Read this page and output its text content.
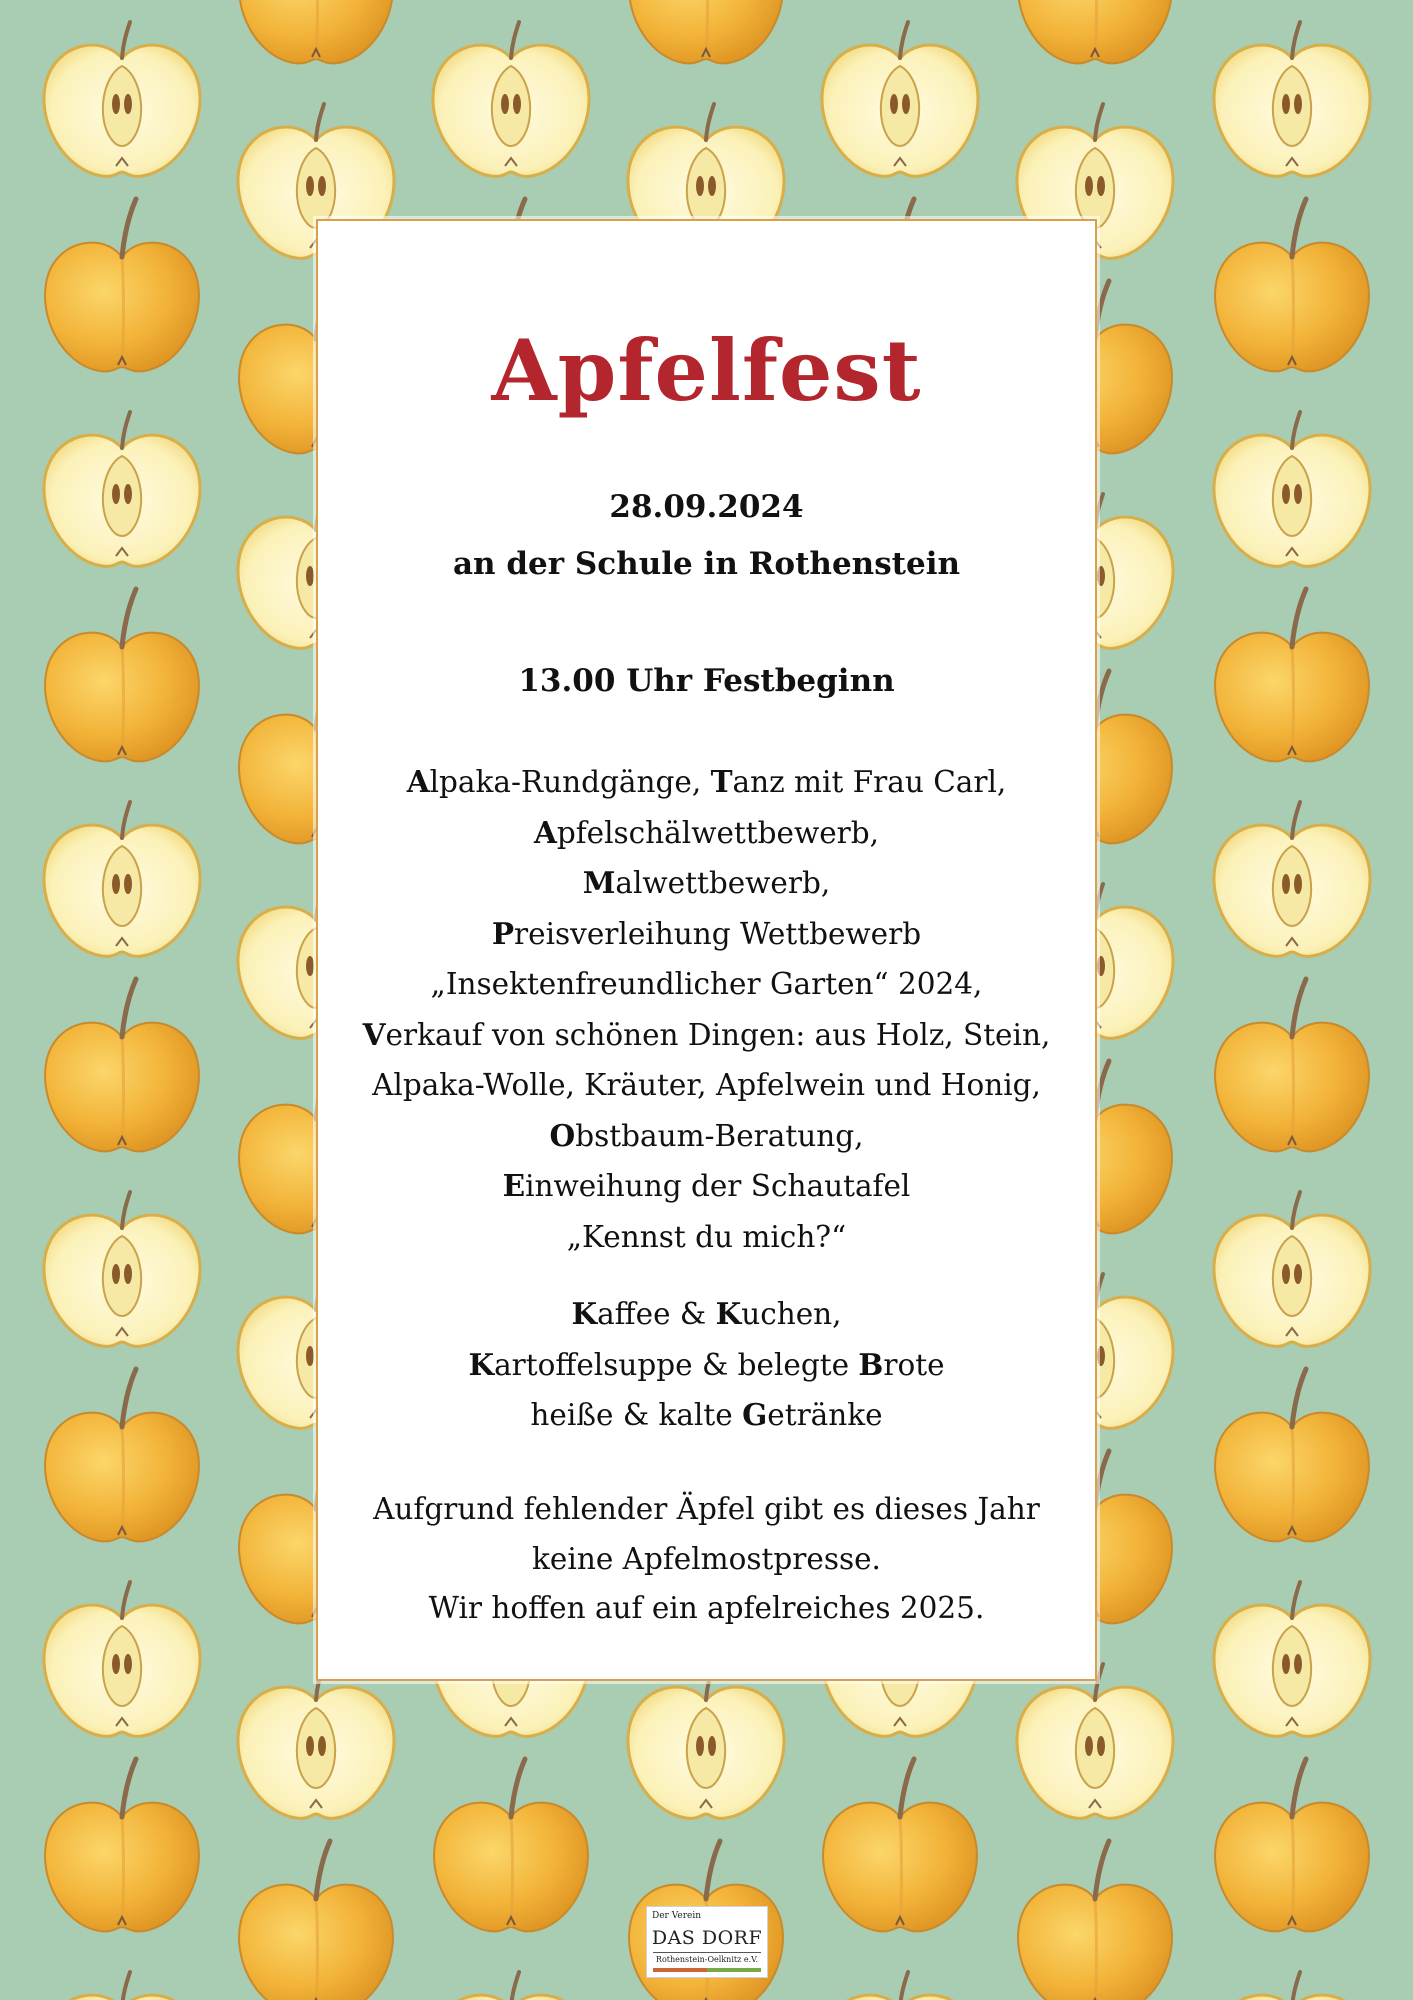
Apfelfest
28.09.2024
an der Schule in Rothenstein
13.00 Uhr Festbeginn
Alpaka-Rundgänge, Tanz mit Frau Carl,
Apfelschälwettbewerb,
Malwettbewerb,
Preisverleihung Wettbewerb
„Insektenfreundlicher Garten“ 2024,
Verkauf von schönen Dingen: aus Holz, Stein,
Alpaka-Wolle, Kräuter, Apfelwein und Honig,
Obstbaum-Beratung,
Einweihung der Schautafel
„Kennst du mich?“
Kaffee & Kuchen,
Kartoffelsuppe & belegte Brote
heiße & kalte Getränke
Aufgrund fehlender Äpfel gibt es dieses Jahr
keine Apfelmostpresse.
Wir hoffen auf ein apfelreiches 2025.
Der Verein
DAS DORF
Rothenstein-Oelknitz e.V.
